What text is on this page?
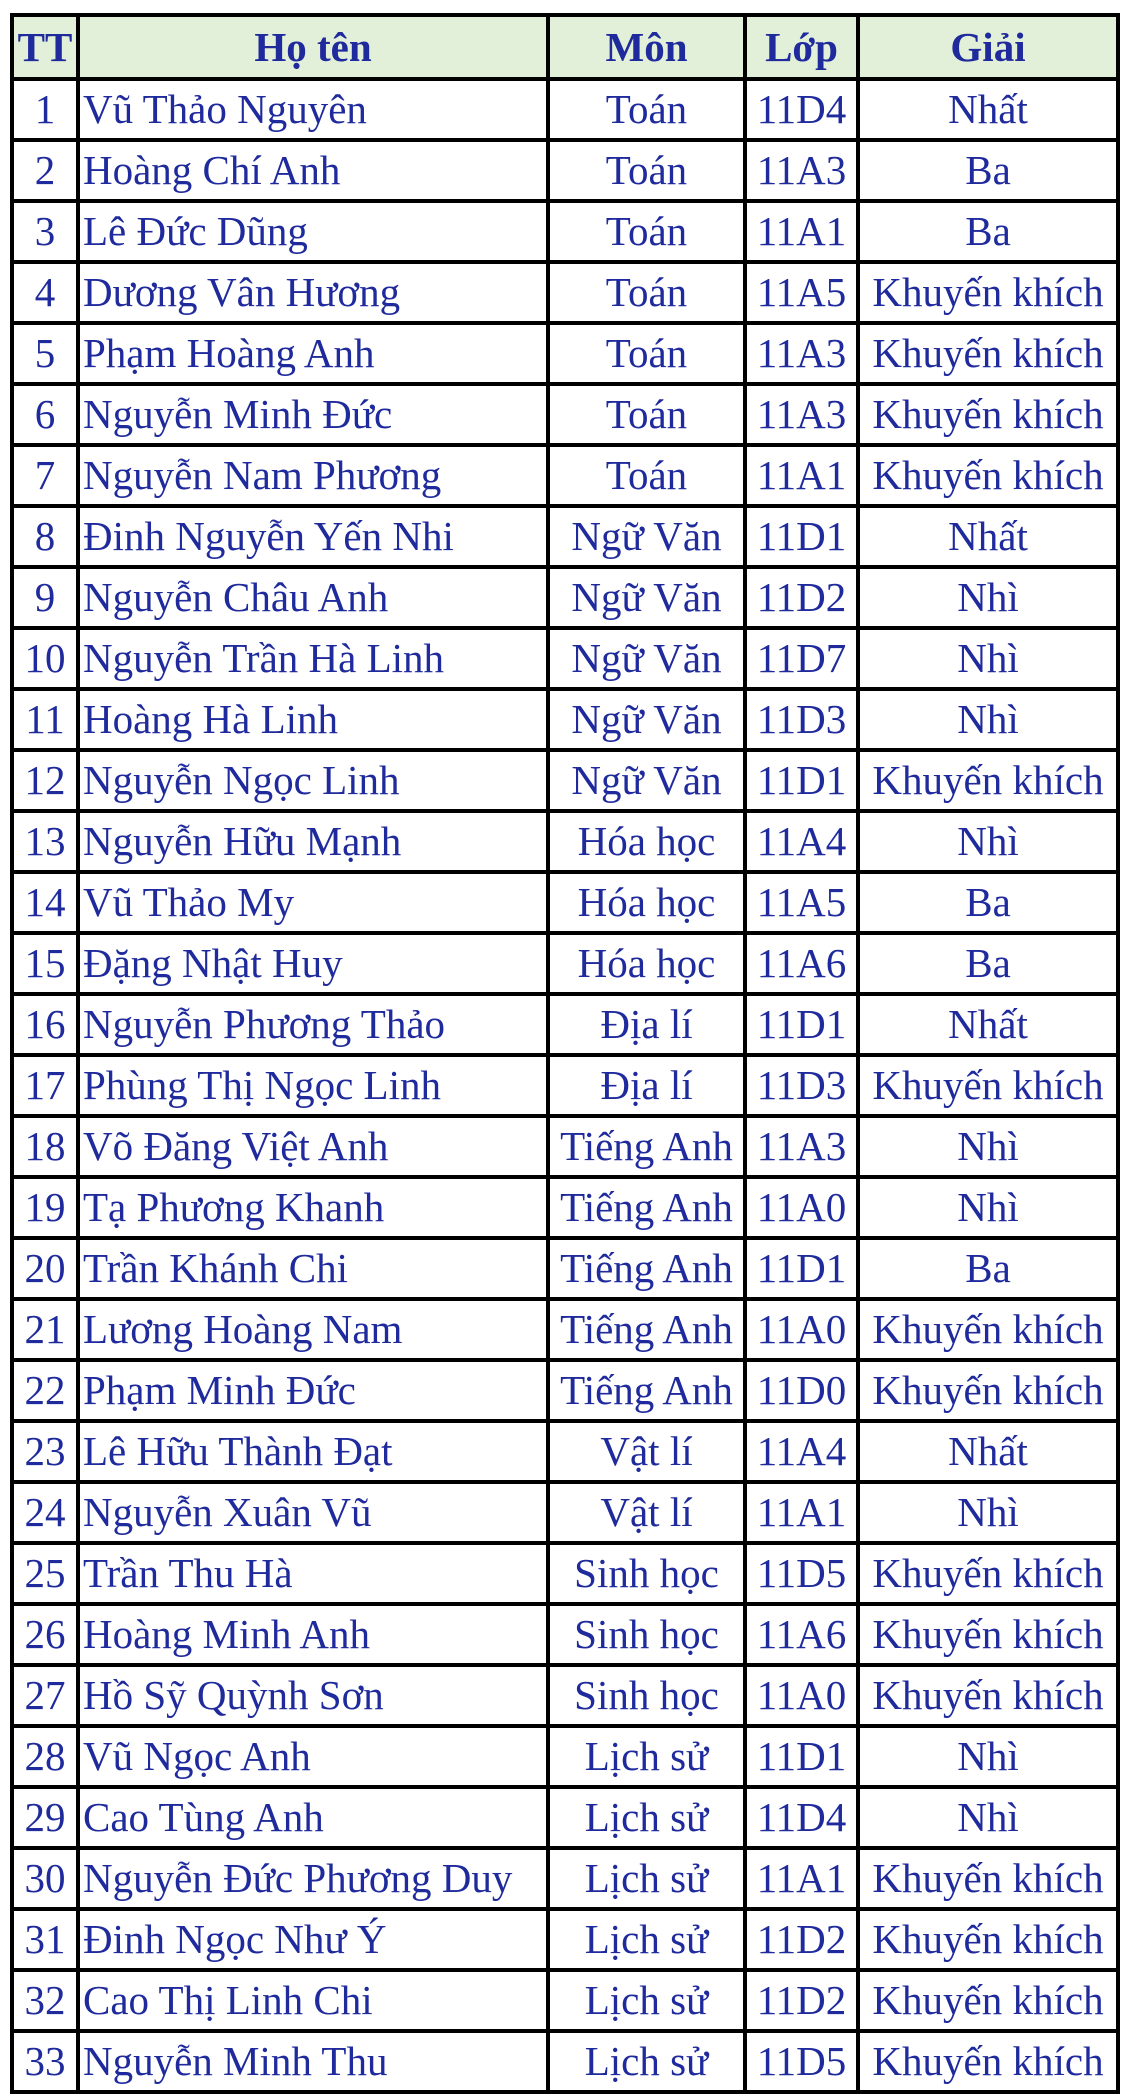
TT	Họ tên	Môn	Lớp	Giải
1	Vũ Thảo Nguyên	Toán	11D4	Nhất
2	Hoàng Chí Anh	Toán	11A3	Ba
3	Lê Đức Dũng	Toán	11A1	Ba
4	Dương Vân Hương	Toán	11A5	Khuyến khích
5	Phạm Hoàng Anh	Toán	11A3	Khuyến khích
6	Nguyễn Minh Đức	Toán	11A3	Khuyến khích
7	Nguyễn Nam Phương	Toán	11A1	Khuyến khích
8	Đinh Nguyễn Yến Nhi	Ngữ Văn	11D1	Nhất
9	Nguyễn Châu Anh	Ngữ Văn	11D2	Nhì
10	Nguyễn Trần Hà Linh	Ngữ Văn	11D7	Nhì
11	Hoàng Hà Linh	Ngữ Văn	11D3	Nhì
12	Nguyễn Ngọc Linh	Ngữ Văn	11D1	Khuyến khích
13	Nguyễn Hữu Mạnh	Hóa học	11A4	Nhì
14	Vũ Thảo My	Hóa học	11A5	Ba
15	Đặng Nhật Huy	Hóa học	11A6	Ba
16	Nguyễn Phương Thảo	Địa lí	11D1	Nhất
17	Phùng Thị Ngọc Linh	Địa lí	11D3	Khuyến khích
18	Võ Đăng Việt Anh	Tiếng Anh	11A3	Nhì
19	Tạ Phương Khanh	Tiếng Anh	11A0	Nhì
20	Trần Khánh Chi	Tiếng Anh	11D1	Ba
21	Lương Hoàng Nam	Tiếng Anh	11A0	Khuyến khích
22	Phạm Minh Đức	Tiếng Anh	11D0	Khuyến khích
23	Lê Hữu Thành Đạt	Vật lí	11A4	Nhất
24	Nguyễn Xuân Vũ	Vật lí	11A1	Nhì
25	Trần Thu Hà	Sinh học	11D5	Khuyến khích
26	Hoàng Minh Anh	Sinh học	11A6	Khuyến khích
27	Hồ Sỹ Quỳnh Sơn	Sinh học	11A0	Khuyến khích
28	Vũ Ngọc Anh	Lịch sử	11D1	Nhì
29	Cao Tùng Anh	Lịch sử	11D4	Nhì
30	Nguyễn Đức Phương Duy	Lịch sử	11A1	Khuyến khích
31	Đinh Ngọc Như Ý	Lịch sử	11D2	Khuyến khích
32	Cao Thị Linh Chi	Lịch sử	11D2	Khuyến khích
33	Nguyễn Minh Thu	Lịch sử	11D5	Khuyến khích
